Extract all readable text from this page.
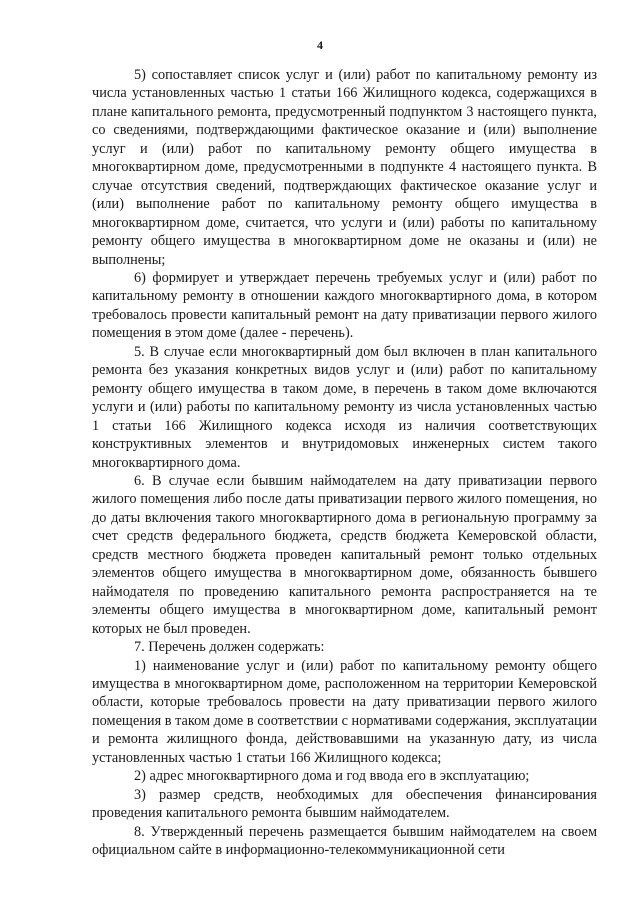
4

5) сопоставляет список услуг и (или) работ по капитальному ремонту из числа установленных частью 1 статьи 166 Жилищного кодекса, содержащихся в плане капитального ремонта, предусмотренный подпунктом 3 настоящего пункта, со сведениями, подтверждающими фактическое оказание и (или) выполнение услуг и (или) работ по капитальному ремонту общего имущества в многоквартирном доме, предусмотренными в подпункте 4 настоящего пункта. В случае отсутствия сведений, подтверждающих фактическое оказание услуг и (или) выполнение работ по капитальному ремонту общего имущества в многоквартирном доме, считается, что услуги и (или) работы по капитальному ремонту общего имущества в многоквартирном доме не оказаны и (или) не выполнены;

6) формирует и утверждает перечень требуемых услуг и (или) работ по капитальному ремонту в отношении каждого многоквартирного дома, в котором требовалось провести капитальный ремонт на дату приватизации первого жилого помещения в этом доме (далее - перечень).

5. В случае если многоквартирный дом был включен в план капитального ремонта без указания конкретных видов услуг и (или) работ по капитальному ремонту общего имущества в таком доме, в перечень в таком доме включаются услуги и (или) работы по капитальному ремонту из числа установленных частью 1 статьи 166 Жилищного кодекса исходя из наличия соответствующих конструктивных элементов и внутридомовых инженерных систем такого многоквартирного дома.

6. В случае если бывшим наймодателем на дату приватизации первого жилого помещения либо после даты приватизации первого жилого помещения, но до даты включения такого многоквартирного дома в региональную программу за счет средств федерального бюджета, средств бюджета Кемеровской области, средств местного бюджета проведен капитальный ремонт только отдельных элементов общего имущества в многоквартирном доме, обязанность бывшего наймодателя по проведению капитального ремонта распространяется на те элементы общего имущества в многоквартирном доме, капитальный ремонт которых не был проведен.

7. Перечень должен содержать:

1) наименование услуг и (или) работ по капитальному ремонту общего имущества в многоквартирном доме, расположенном на территории Кемеровской области, которые требовалось провести на дату приватизации первого жилого помещения в таком доме в соответствии с нормативами содержания, эксплуатации и ремонта жилищного фонда, действовавшими на указанную дату, из числа установленных частью 1 статьи 166 Жилищного кодекса;

2) адрес многоквартирного дома и год ввода его в эксплуатацию;

3) размер средств, необходимых для обеспечения финансирования проведения капитального ремонта бывшим наймодателем.

8. Утвержденный перечень размещается бывшим наймодателем на своем официальном сайте в информационно-телекоммуникационной сети
